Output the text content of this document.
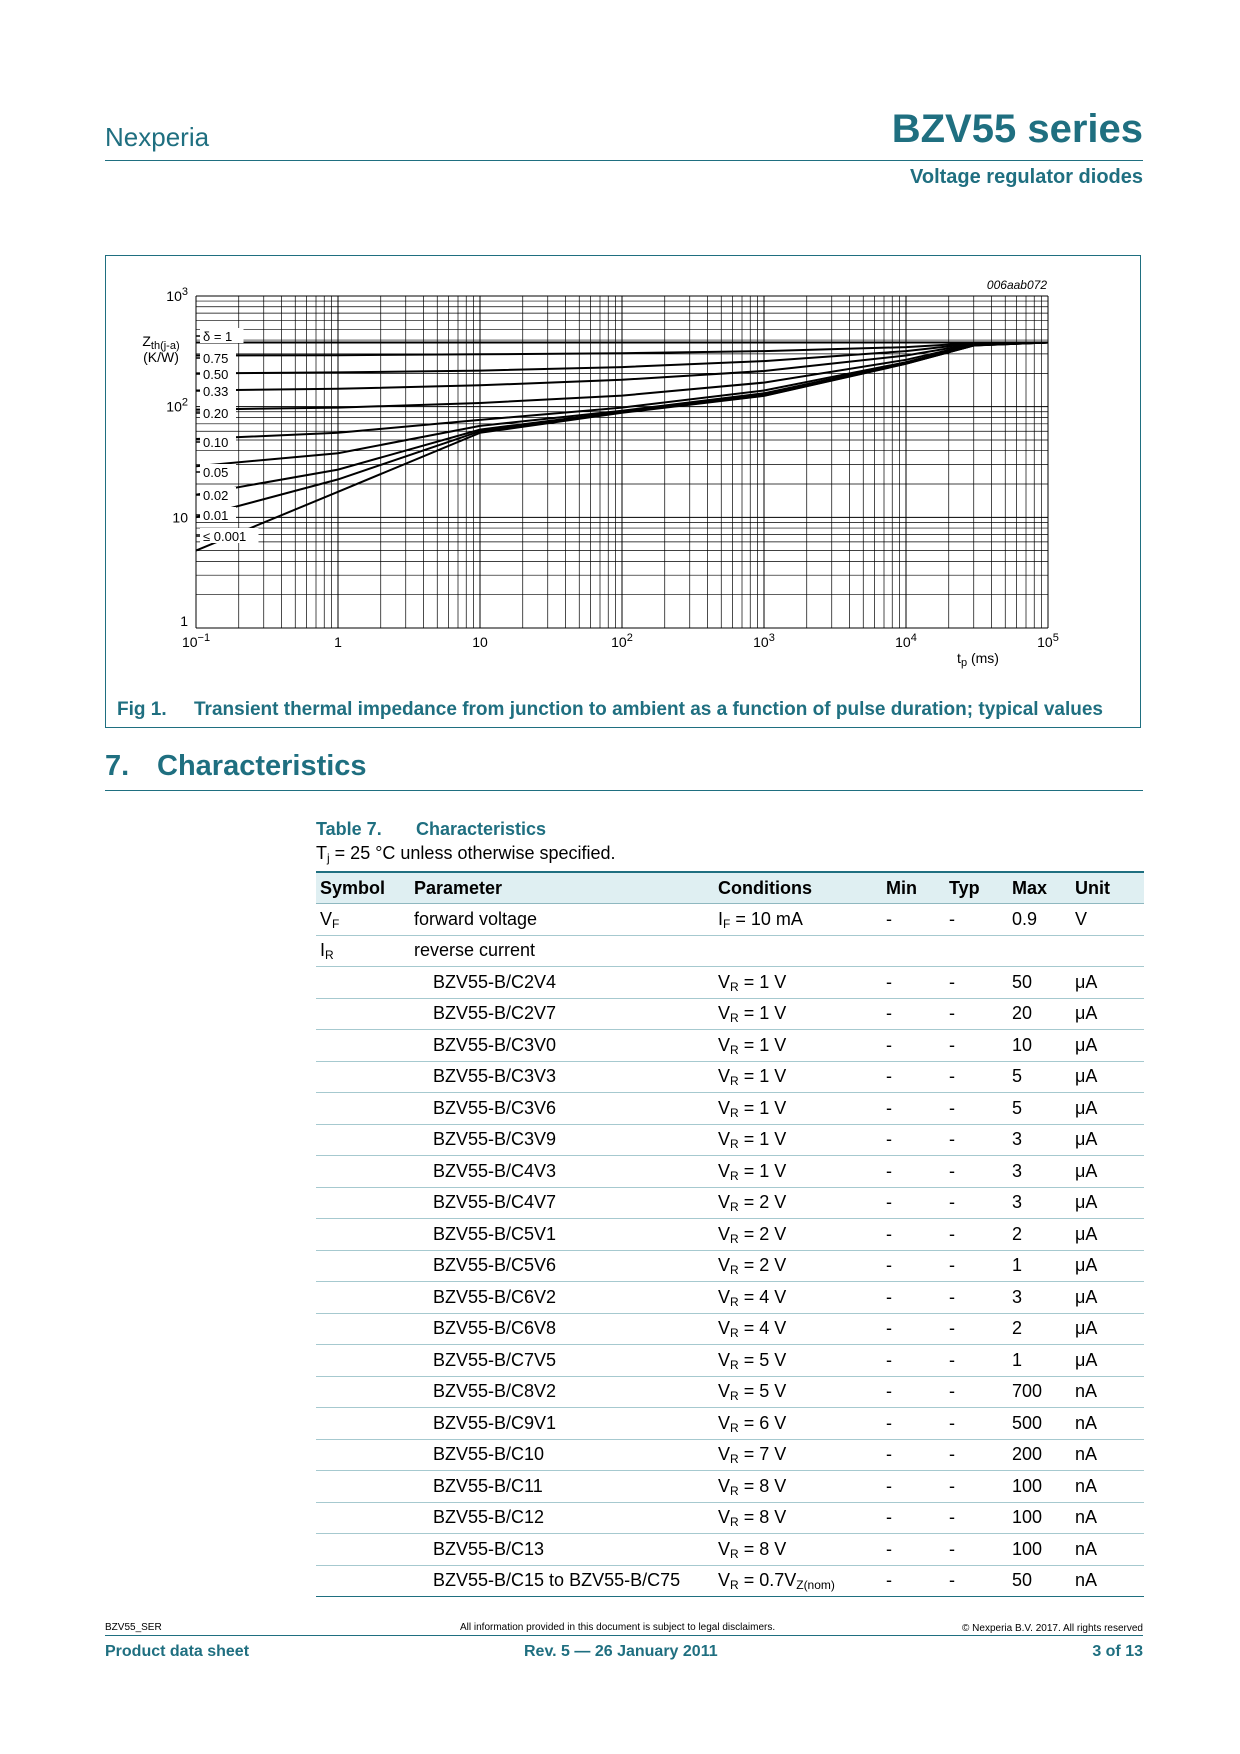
Nexperia	BZV55 series
Voltage regulator diodes
$10^{-1}$	1	10	$10^2$	$10^3$	$10^4$	$10^5$
1
10
$10^2$
$10^3$
$Z_{th(j-a)}$
(K/W)
$t_p$ (ms)
006aab072
δ = 1
0.75
0.50
0.33
0.20
0.10
0.05
0.02
0.01
≤ 0.001
Fig 1. Transient thermal impedance from junction to ambient as a function of pulse duration; typical values
7. Characteristics
Table 7. Characteristics
$T_j = 25$ °C unless otherwise specified.
Symbol	Parameter	Conditions	Min	Typ	Max	Unit
$V_F$	forward voltage	$I_F = 10$ mA	-	-	0.9	V
$I_R$	reverse current					
	BZV55-B/C2V4	$V_R = 1$ V	-	-	50	μA
	BZV55-B/C2V7	$V_R = 1$ V	-	-	20	μA
	BZV55-B/C3V0	$V_R = 1$ V	-	-	10	μA
	BZV55-B/C3V3	$V_R = 1$ V	-	-	5	μA
	BZV55-B/C3V6	$V_R = 1$ V	-	-	5	μA
	BZV55-B/C3V9	$V_R = 1$ V	-	-	3	μA
	BZV55-B/C4V3	$V_R = 1$ V	-	-	3	μA
	BZV55-B/C4V7	$V_R = 2$ V	-	-	3	μA
	BZV55-B/C5V1	$V_R = 2$ V	-	-	2	μA
	BZV55-B/C5V6	$V_R = 2$ V	-	-	1	μA
	BZV55-B/C6V2	$V_R = 4$ V	-	-	3	μA
	BZV55-B/C6V8	$V_R = 4$ V	-	-	2	μA
	BZV55-B/C7V5	$V_R = 5$ V	-	-	1	μA
	BZV55-B/C8V2	$V_R = 5$ V	-	-	700	nA
	BZV55-B/C9V1	$V_R = 6$ V	-	-	500	nA
	BZV55-B/C10	$V_R = 7$ V	-	-	200	nA
	BZV55-B/C11	$V_R = 8$ V	-	-	100	nA
	BZV55-B/C12	$V_R = 8$ V	-	-	100	nA
	BZV55-B/C13	$V_R = 8$ V	-	-	100	nA
	BZV55-B/C15 to BZV55-B/C75	$V_R = 0.7V_{Z(nom)}$	-	-	50	nA
BZV55_SER	All information provided in this document is subject to legal disclaimers.	© Nexperia B.V. 2017. All rights reserved
Product data sheet	Rev. 5 — 26 January 2011	3 of 13
